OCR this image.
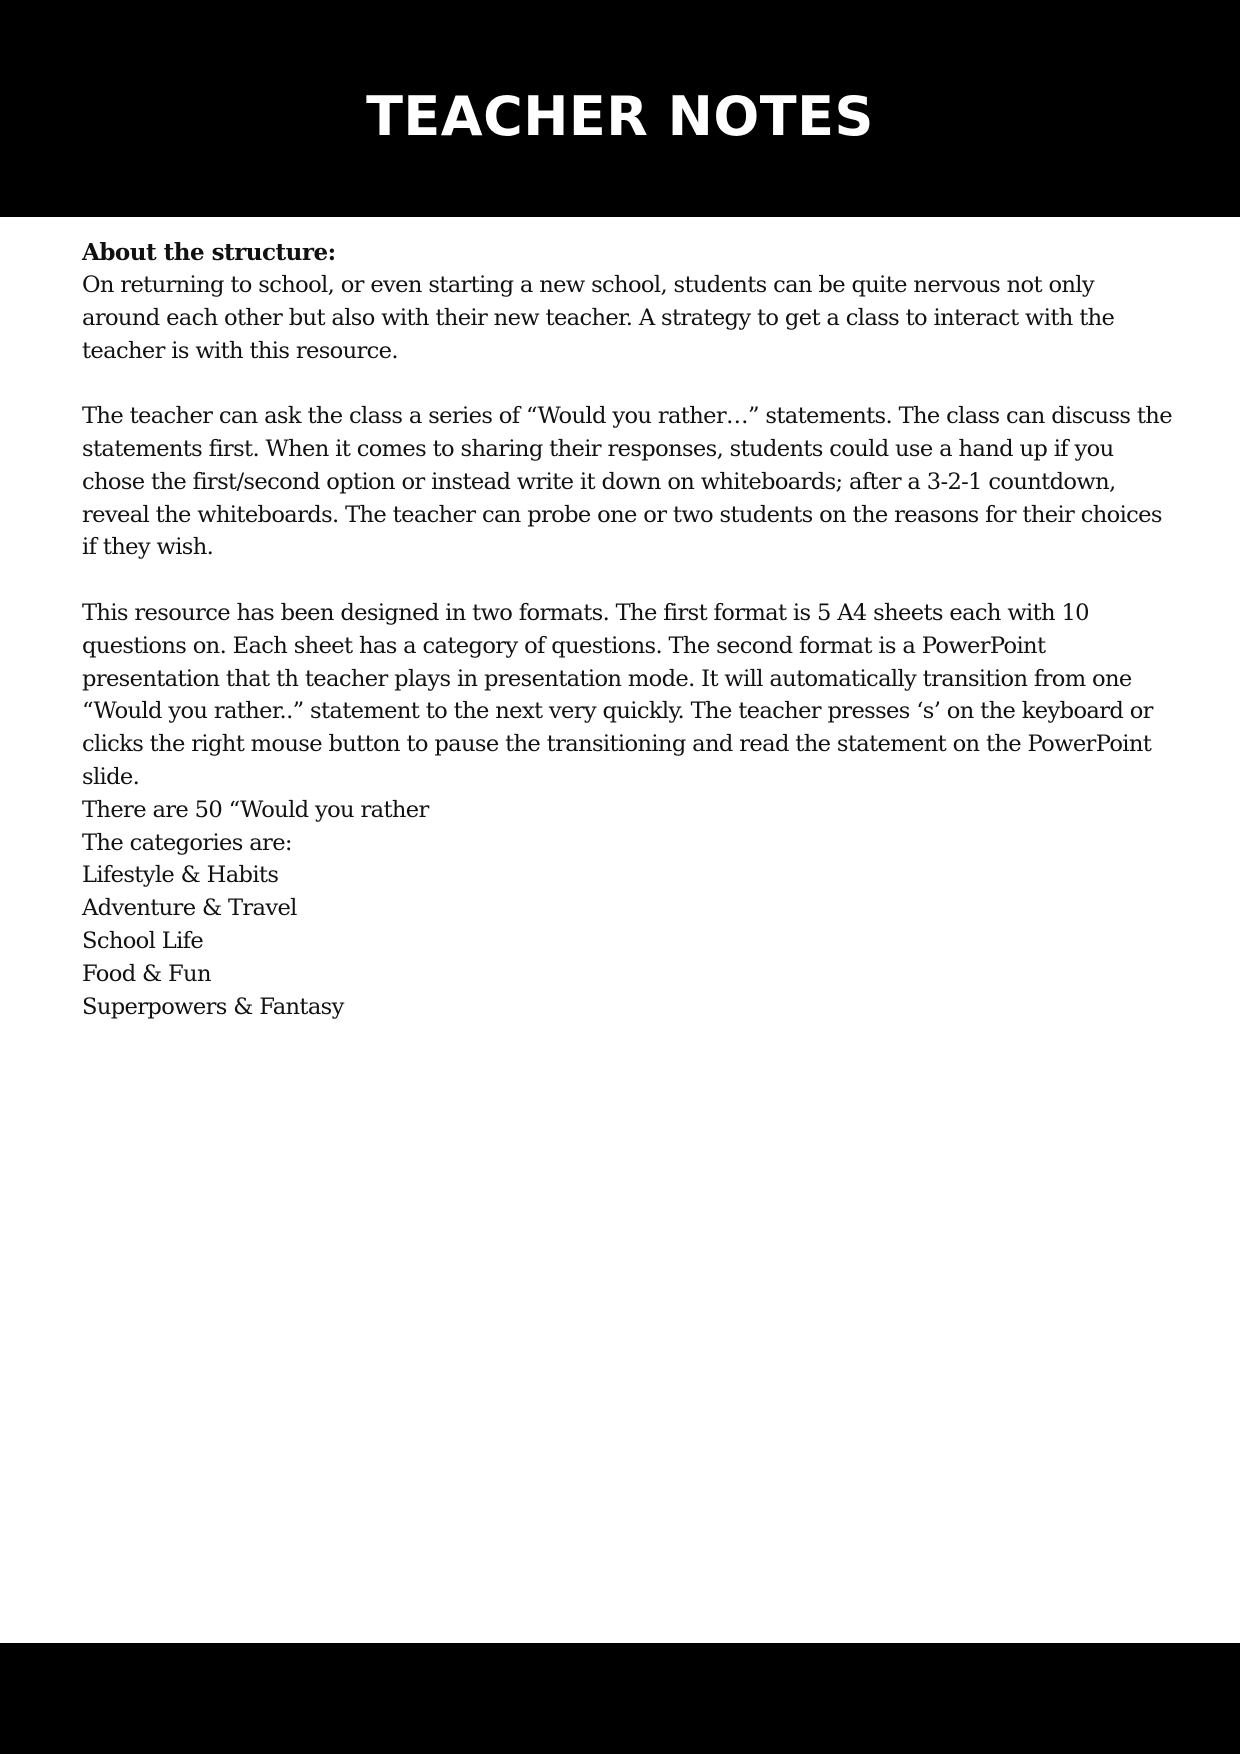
TEACHER NOTES

About the structure:

On returning to school, or even starting a new school, students can be quite nervous not only around each other but also with their new teacher. A strategy to get a class to interact with the teacher is with this resource.

The teacher can ask the class a series of “Would you rather…” statements. The class can discuss the statements first. When it comes to sharing their responses, students could use a hand up if you chose the first/second option or instead write it down on whiteboards; after a 3-2-1 countdown, reveal the whiteboards. The teacher can probe one or two students on the reasons for their choices if they wish.

This resource has been designed in two formats. The first format is 5 A4 sheets each with 10 questions on. Each sheet has a category of questions. The second format is a PowerPoint presentation that th teacher plays in presentation mode. It will automatically transition from one “Would you rather..” statement to the next very quickly. The teacher presses ‘s’ on the keyboard or clicks the right mouse button to pause the transitioning and read the statement on the PowerPoint slide.

There are 50 “Would you rather

The categories are:

Lifestyle & Habits
Adventure & Travel
School Life
Food & Fun
Superpowers & Fantasy
